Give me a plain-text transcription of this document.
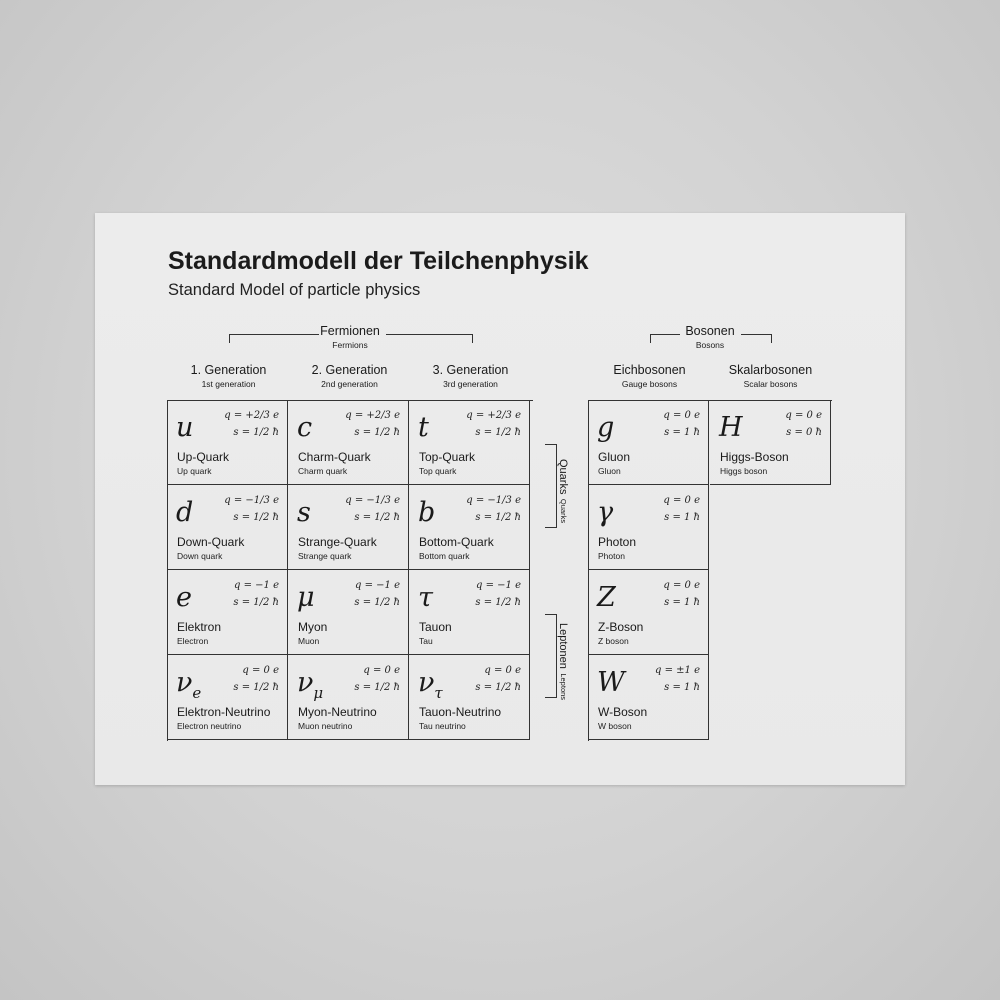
Standardmodell der Teilchenphysik
Standard Model of particle physics
Fermionen
Fermions
Bosonen
Bosons
1. Generation
1st generation
2. Generation
2nd generation
3. Generation
3rd generation
Eichbosonen
Gauge bosons
Skalarbosonen
Scalar bosons
u	q = +2/3 e
s = 1/2 ħ
Up-Quark
Up quark
c	q = +2/3 e
s = 1/2 ħ
Charm-Quark
Charm quark
t	q = +2/3 e
s = 1/2 ħ
Top-Quark
Top quark
d	q = −1/3 e
s = 1/2 ħ
Down-Quark
Down quark
s	q = −1/3 e
s = 1/2 ħ
Strange-Quark
Strange quark
b	q = −1/3 e
s = 1/2 ħ
Bottom-Quark
Bottom quark
e	q = −1 e
s = 1/2 ħ
Elektron
Electron
μ	q = −1 e
s = 1/2 ħ
Myon
Muon
τ	q = −1 e
s = 1/2 ħ
Tauon
Tau
$\nu_e$
q = 0 e
s = 1/2 ħ
Elektron-Neutrino
Electron neutrino
$\nu_\mu$
q = 0 e
s = 1/2 ħ
Myon-Neutrino
Muon neutrino
$\nu_\tau$
q = 0 e
s = 1/2 ħ
Tauon-Neutrino
Tau neutrino
Quarks Quarks
Leptonen Leptons
g	q = 0 e
s = 1 ħ
Gluon
Gluon
γ	q = 0 e
s = 1 ħ
Photon
Photon
Z	q = 0 e
s = 1 ħ
Z-Boson
Z boson
W	q = ±1 e
s = 1 ħ
W-Boson
W boson
H	q = 0 e
s = 0 ħ
Higgs-Boson
Higgs boson
